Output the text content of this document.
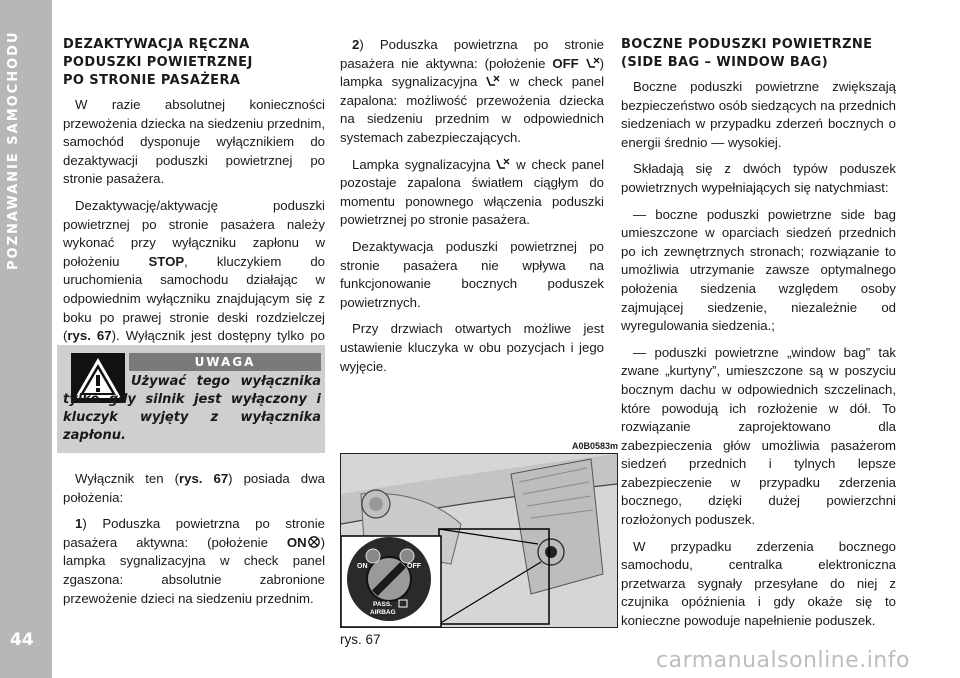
POZNAWANIE SAMOCHODU
44
DEZAKTYWACJA RĘCZNA
PODUSZKI POWIETRZNEJ
PO STRONIE PASAŻERA

W razie absolutnej konieczności przewożenia dziecka na siedzeniu przednim, samochód dysponuje wyłącznikiem do dezaktywacji poduszki powietrznej po stronie pasażera.

Dezaktywację/aktywację poduszki powietrznej po stronie pasażera należy wykonać przy wyłączniku zapłonu w położeniu STOP, kluczykiem do uruchomienia samochodu działając w odpowiednim wyłączniku znajdującym się z boku po prawej stronie deski rozdzielczej (rys. 67). Wyłącznik jest dostępny tylko po

UWAGA
Używać tego wyłącznika tylko gdy silnik jest wyłączony i kluczyk wyjęty z wyłącznika zapłonu.

Wyłącznik ten (rys. 67) posiada dwa położenia:

1) Poduszka powietrzna po stronie pasażera aktywna: (położenie ON ) lampka sygnalizacyjna w check panel zgaszona: absolutnie zabronione przewożenie dzieci na siedzeniu przednim.

2) Poduszka powietrzna po stronie pasażera nie aktywna: (położenie OFF ) lampka sygnalizacyjna  w check panel zapalona: możliwość przewożenia dziecka na siedzeniu przednim w odpowiednich systemach zabezpieczających.

Lampka sygnalizacyjna  w check panel pozostaje zapalona światłem ciągłym do momentu ponownego włączenia poduszki powietrznej po stronie pasażera.

Dezaktywacja poduszki powietrznej po stronie pasażera nie wpływa na funkcjonowanie bocznych poduszek powietrznych.

Przy drzwiach otwartych możliwe jest ustawienie kluczyka w obu pozycjach i jego wyjęcie.

A0B0583m
ON	OFF
PASS.
AIRBAG
rys. 67
BOCZNE PODUSZKI POWIETRZNE
(SIDE BAG – WINDOW BAG)

Boczne poduszki powietrzne zwiększają bezpieczeństwo osób siedzących na przednich siedzeniach w przypadku zderzeń bocznych o energii średnio — wysokiej.

Składają się z dwóch typów poduszek powietrznych wypełniających się natychmiast:

— boczne poduszki powietrzne side bag umieszczone w oparciach siedzeń przednich po ich zewnętrznych stronach; rozwiązanie to umożliwia utrzymanie zawsze optymalnego położenia siedzenia względem osoby zajmującej siedzenie, niezależnie od wyregulowania siedzenia.;

— poduszki powietrzne „window bag” tak zwane „kurtyny”, umieszczone są w poszyciu bocznym dachu w odpowiednich szczelinach, które powodują ich rozłożenie w dół. To rozwiązanie zaprojektowano dla zabezpieczenia głów umożliwia pasażerom siedzeń przednich i tylnych lepsze zabezpieczenie w przypadku zderzenia bocznego, dzięki dużej powierzchni rozłożonych poduszek.

W przypadku zderzenia bocznego samochodu, centralka elektroniczna przetwarza sygnały przesyłane do niej z czujnika opóźnienia i gdy okaże się to konieczne powoduje napełnienie poduszek.

carmanualsonline.info
